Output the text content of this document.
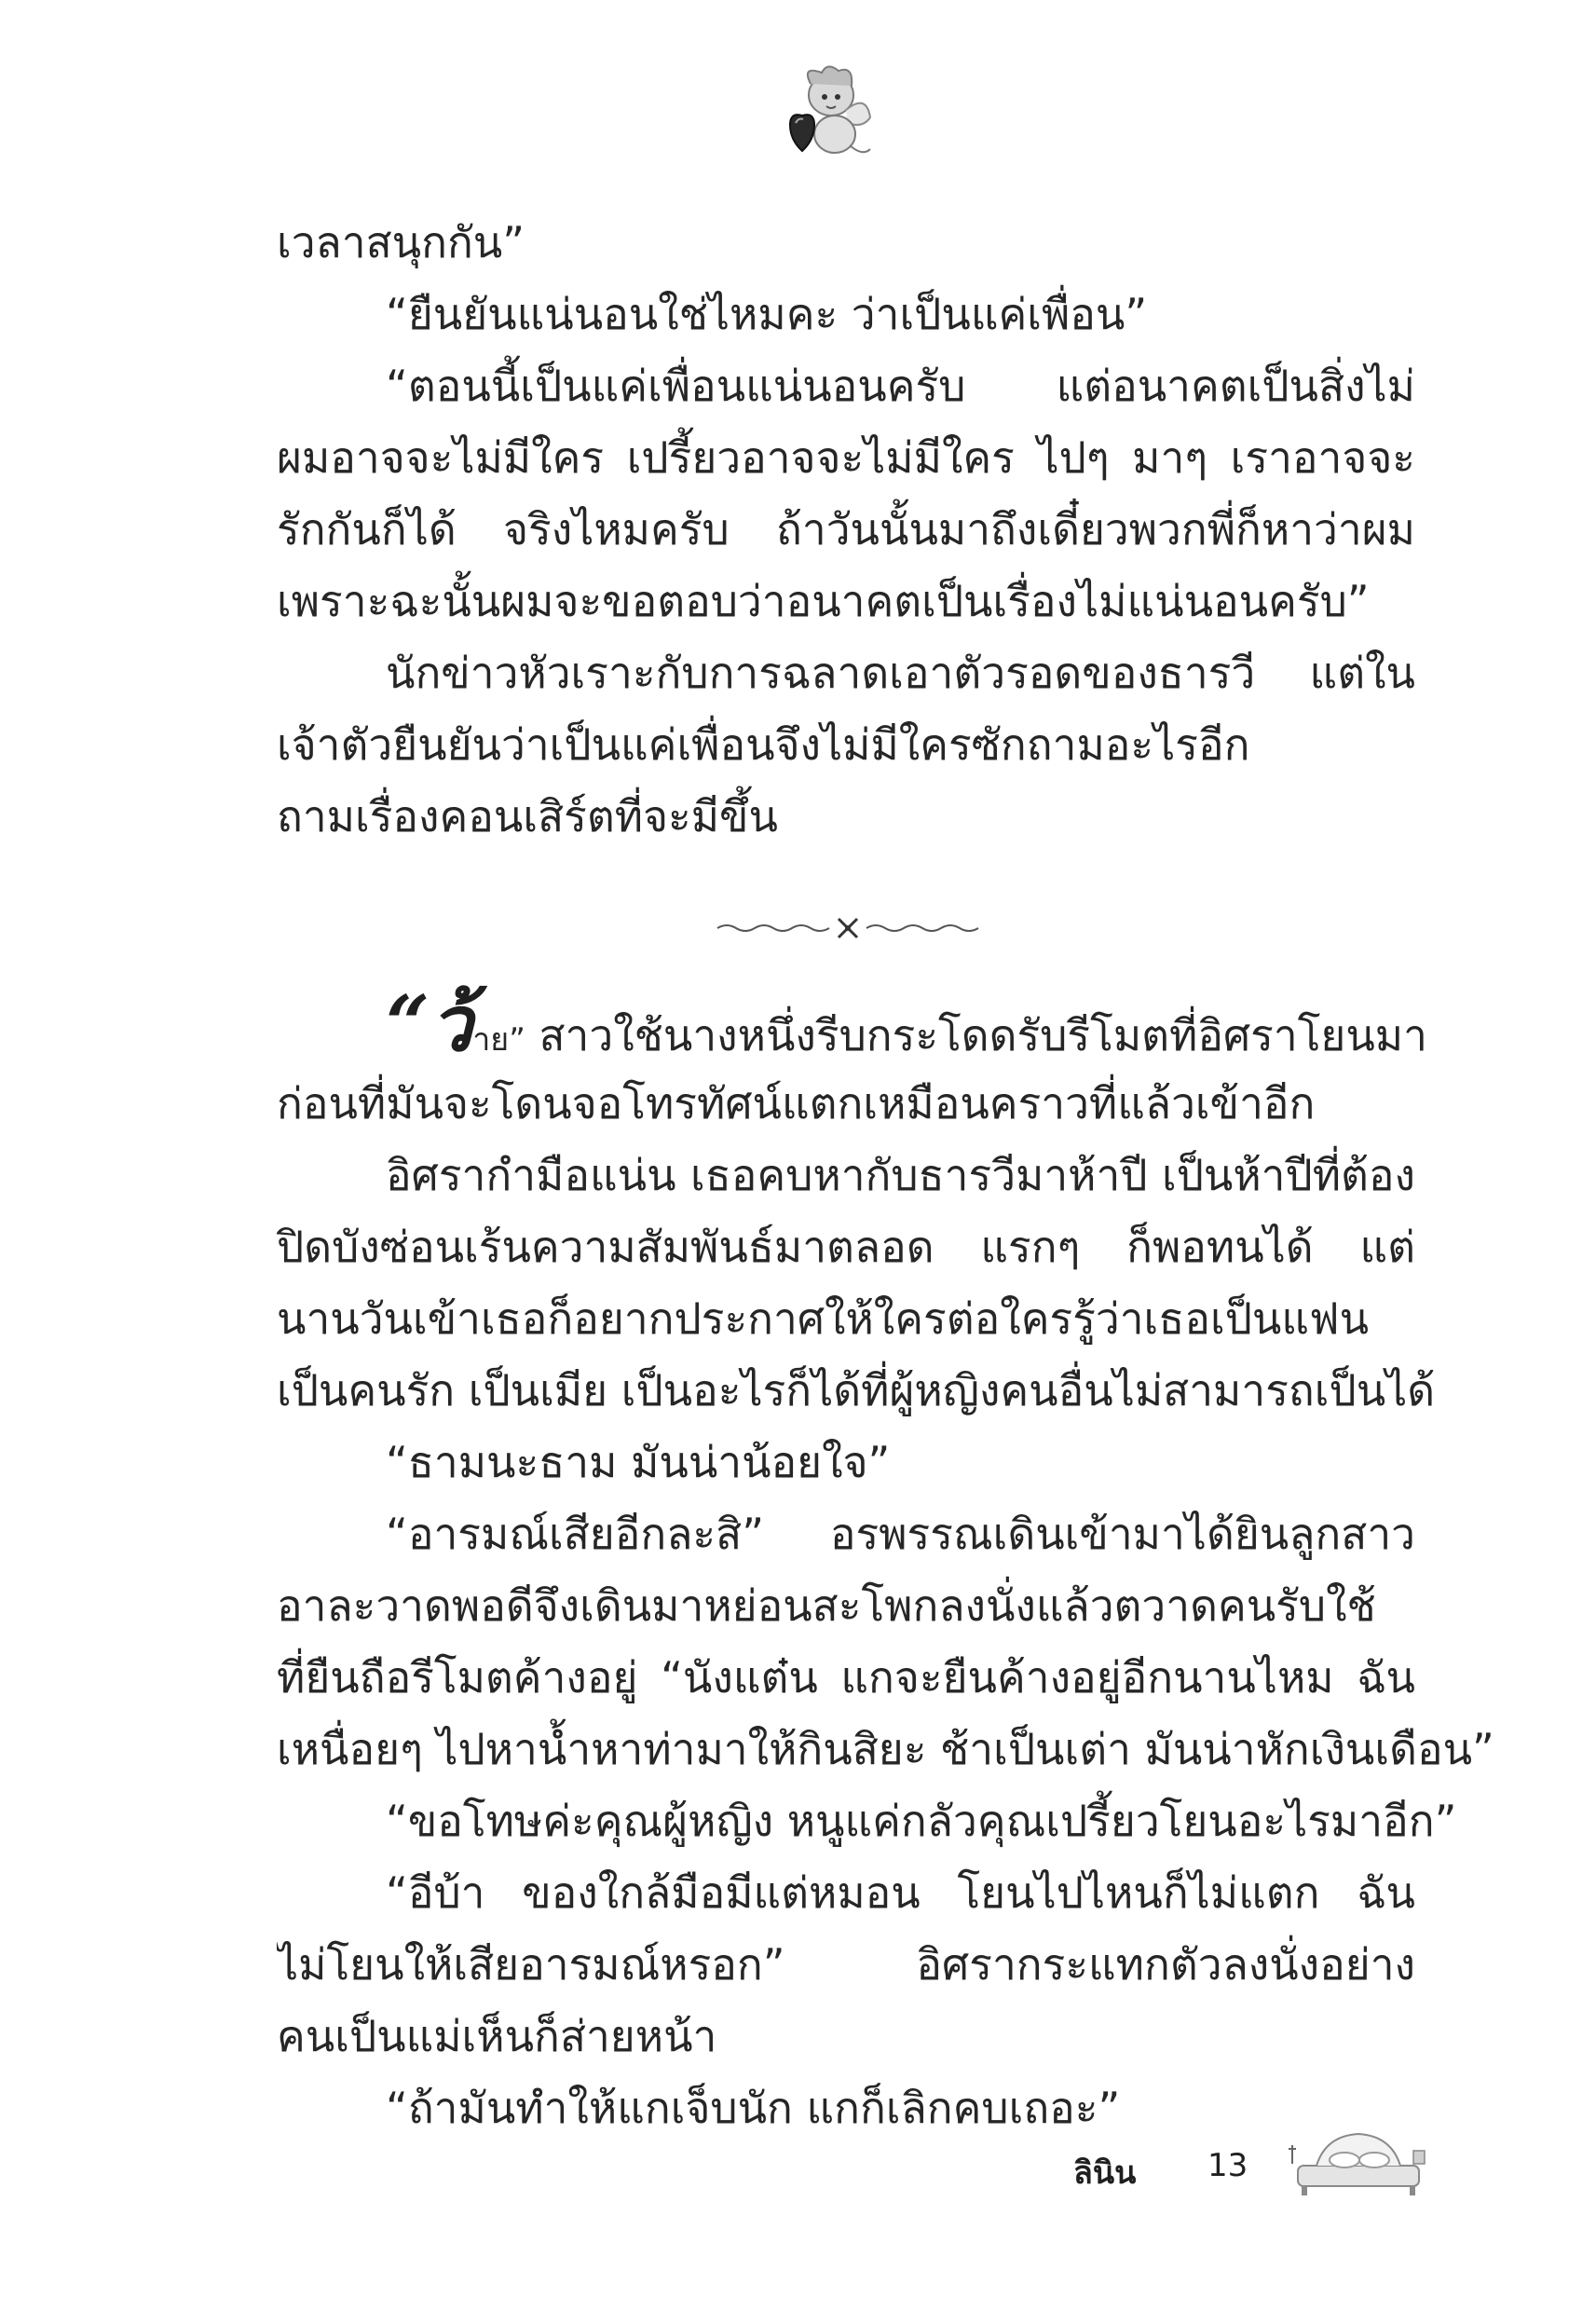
เวลาสนุกกัน”
“ยืนยันแน่นอนใช่ไหมคะ ว่าเป็นแค่เพื่อน”
“ตอนนี้เป็นแค่เพื่อนแน่นอนครับ แต่อนาคตเป็นสิ่งไม่
ผมอาจจะไม่มีใคร เปรี้ยวอาจจะไม่มีใคร ไปๆ มาๆ เราอาจจะ
รักกันก็ได้ จริงไหมครับ ถ้าวันนั้นมาถึงเดี๋ยวพวกพี่ก็หาว่าผม
เพราะฉะนั้นผมจะขอตอบว่าอนาคตเป็นเรื่องไม่แน่นอนครับ”
นักข่าวหัวเราะกับการฉลาดเอาตัวรอดของธารวี แต่ใน
เจ้าตัวยืนยันว่าเป็นแค่เพื่อนจึงไม่มีใครซักถามอะไรอีก
ถามเรื่องคอนเสิร์ตที่จะมีขึ้น
“ว้าย” สาวใช้นางหนึ่งรีบกระโดดรับรีโมตที่อิศราโยนมา
ก่อนที่มันจะโดนจอโทรทัศน์แตกเหมือนคราวที่แล้วเข้าอีก
อิศรากำมือแน่น เธอคบหากับธารวีมาห้าปี เป็นห้าปีที่ต้อง
ปิดบังซ่อนเร้นความสัมพันธ์มาตลอด แรกๆ ก็พอทนได้ แต่
นานวันเข้าเธอก็อยากประกาศให้ใครต่อใครรู้ว่าเธอเป็นแฟน
เป็นคนรัก เป็นเมีย เป็นอะไรก็ได้ที่ผู้หญิงคนอื่นไม่สามารถเป็นได้
“ธามนะธาม มันน่าน้อยใจ”
“อารมณ์เสียอีกละสิ” อรพรรณเดินเข้ามาได้ยินลูกสาว
อาละวาดพอดีจึงเดินมาหย่อนสะโพกลงนั่งแล้วตวาดคนรับใช้
ที่ยืนถือรีโมตค้างอยู่ “นังแต๋น แกจะยืนค้างอยู่อีกนานไหม ฉัน
เหนื่อยๆ ไปหาน้ำหาท่ามาให้กินสิยะ ช้าเป็นเต่า มันน่าหักเงินเดือน”
“ขอโทษค่ะคุณผู้หญิง หนูแค่กลัวคุณเปรี้ยวโยนอะไรมาอีก”
“อีบ้า ของใกล้มือมีแต่หมอน โยนไปไหนก็ไม่แตก ฉัน
ไม่โยนให้เสียอารมณ์หรอก” อิศรากระแทกตัวลงนั่งอย่าง
คนเป็นแม่เห็นก็ส่ายหน้า
“ถ้ามันทำให้แกเจ็บนัก แกก็เลิกคบเถอะ”
ลินิน 13
